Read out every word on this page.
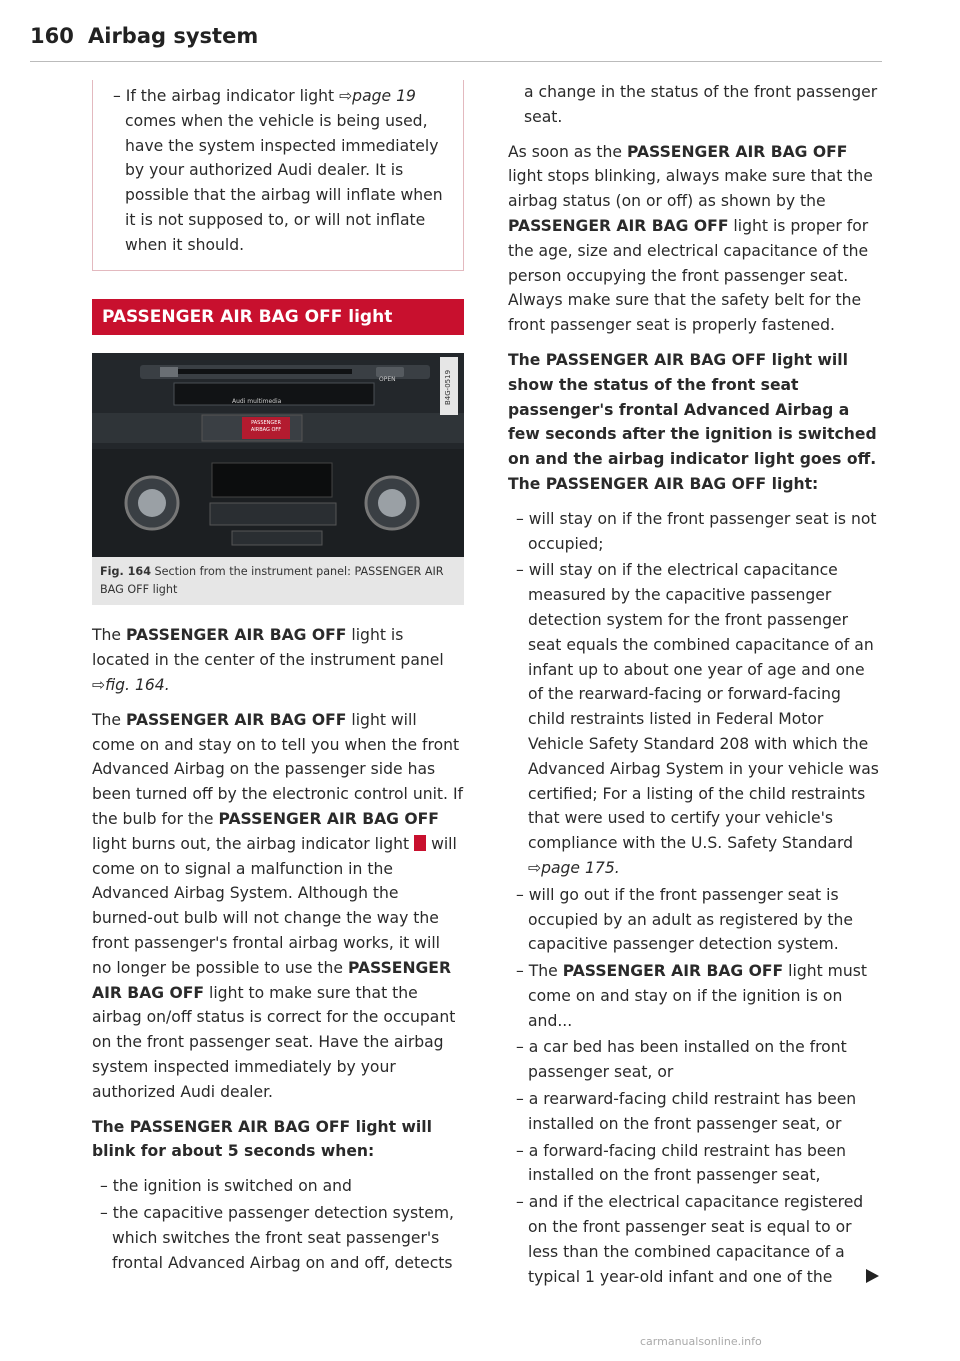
160 Airbag system
– If the airbag indicator light ⇨page 19 comes when the vehicle is being used, have the system inspected immediately by your authorized Audi dealer. It is possible that the airbag will inflate when it is not supposed to, or will not inflate when it should.
PASSENGER AIR BAG OFF light
B4G-0519
OPEN
Audi multimedia
PASSENGER AIRBAG OFF
Fig. 164 Section from the instrument panel: PASSENGER AIR BAG OFF light

The PASSENGER AIR BAG OFF light is located in the center of the instrument panel ⇨fig. 164.

The PASSENGER AIR BAG OFF light will come on and stay on to tell you when the front Advanced Airbag on the passenger side has been turned off by the electronic control unit. If the bulb for the PASSENGER AIR BAG OFF light burns out, the airbag indicator light  will come on to signal a malfunction in the Advanced Airbag System. Although the burned-out bulb will not change the way the front passenger's frontal airbag works, it will no longer be possible to use the PASSENGER AIR BAG OFF light to make sure that the airbag on/off status is correct for the occupant on the front passenger seat. Have the airbag system inspected immediately by your authorized Audi dealer.

The PASSENGER AIR BAG OFF light will blink for about 5 seconds when:

– the ignition is switched on and
– the capacitive passenger detection system, which switches the front seat passenger's frontal Advanced Airbag on and off, detects
a change in the status of the front passenger seat.

As soon as the PASSENGER AIR BAG OFF light stops blinking, always make sure that the airbag status (on or off) as shown by the PASSENGER AIR BAG OFF light is proper for the age, size and electrical capacitance of the person occupying the front passenger seat. Always make sure that the safety belt for the front passenger seat is properly fastened.

The PASSENGER AIR BAG OFF light will show the status of the front seat passenger's frontal Advanced Airbag a few seconds after the ignition is switched on and the airbag indicator light goes off. The PASSENGER AIR BAG OFF light:

– will stay on if the front passenger seat is not occupied;
– will stay on if the electrical capacitance measured by the capacitive passenger detection system for the front passenger seat equals the combined capacitance of an infant up to about one year of age and one of the rearward-facing or forward-facing child restraints listed in Federal Motor Vehicle Safety Standard 208 with which the Advanced Airbag System in your vehicle was certified; For a listing of the child restraints that were used to certify your vehicle's compliance with the U.S. Safety Standard ⇨page 175.
– will go out if the front passenger seat is occupied by an adult as registered by the capacitive passenger detection system.
– The PASSENGER AIR BAG OFF light must come on and stay on if the ignition is on and...
– a car bed has been installed on the front passenger seat, or
– a rearward-facing child restraint has been installed on the front passenger seat, or
– a forward-facing child restraint has been installed on the front passenger seat,
– and if the electrical capacitance registered on the front passenger seat is equal to or less than the combined capacitance of a typical 1 year-old infant and one of the
carmanualsonline.info
